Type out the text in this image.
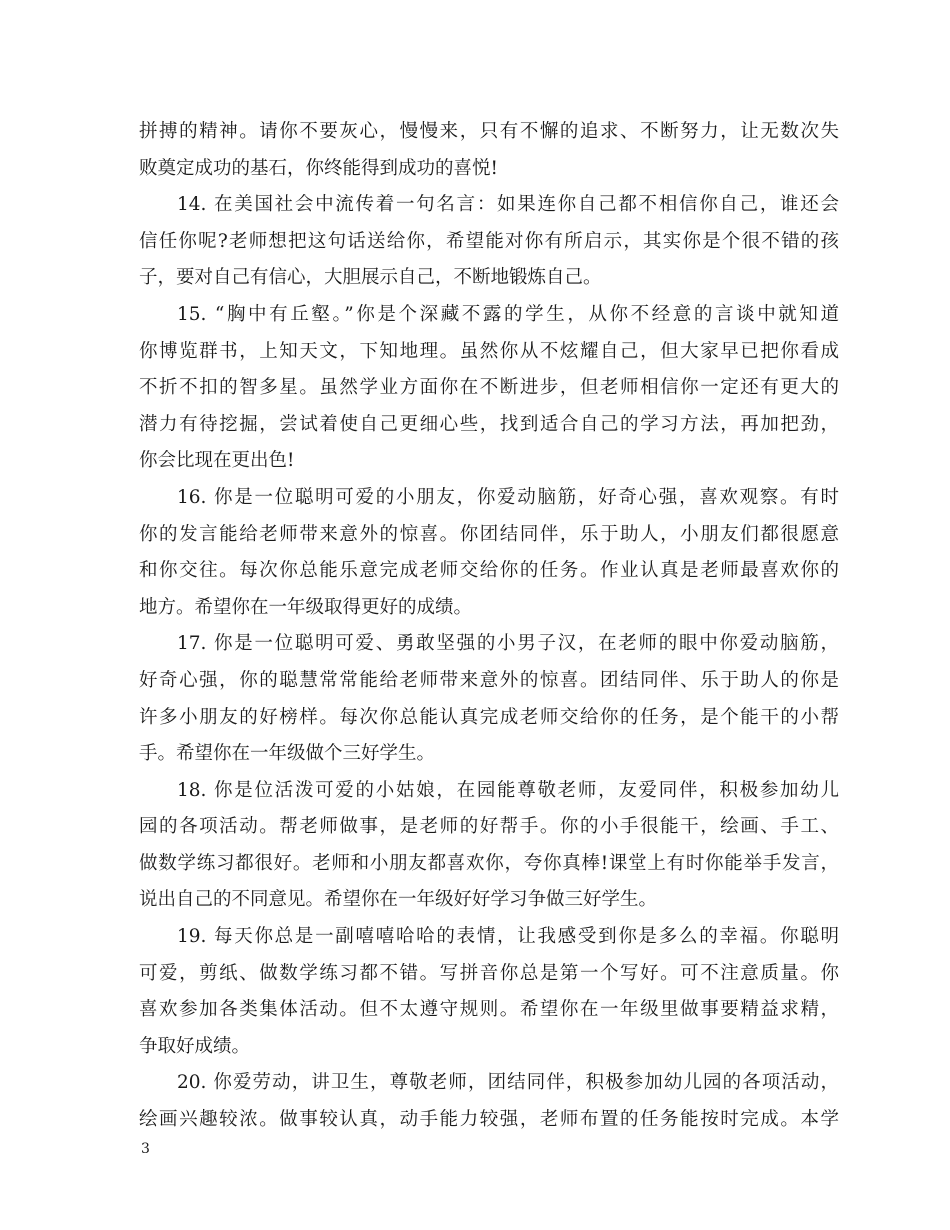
拼搏的精神。请你不要灰心，慢慢来，只有不懈的追求、不断努力，让无数次失
败奠定成功的基石，你终能得到成功的喜悦!
14. 在美国社会中流传着一句名言：如果连你自己都不相信你自己，谁还会
信任你呢?老师想把这句话送给你，希望能对你有所启示，其实你是个很不错的孩
子，要对自己有信心，大胆展示自己，不断地锻炼自己。
15. “胸中有丘壑。”你是个深藏不露的学生，从你不经意的言谈中就知道
你博览群书，上知天文，下知地理。虽然你从不炫耀自己，但大家早已把你看成
不折不扣的智多星。虽然学业方面你在不断进步，但老师相信你一定还有更大的
潜力有待挖掘，尝试着使自己更细心些，找到适合自己的学习方法，再加把劲，
你会比现在更出色!
16. 你是一位聪明可爱的小朋友，你爱动脑筋，好奇心强，喜欢观察。有时
你的发言能给老师带来意外的惊喜。你团结同伴，乐于助人，小朋友们都很愿意
和你交往。每次你总能乐意完成老师交给你的任务。作业认真是老师最喜欢你的
地方。希望你在一年级取得更好的成绩。
17. 你是一位聪明可爱、勇敢坚强的小男子汉，在老师的眼中你爱动脑筋，
好奇心强，你的聪慧常常能给老师带来意外的惊喜。团结同伴、乐于助人的你是
许多小朋友的好榜样。每次你总能认真完成老师交给你的任务，是个能干的小帮
手。希望你在一年级做个三好学生。
18. 你是位活泼可爱的小姑娘，在园能尊敬老师，友爱同伴，积极参加幼儿
园的各项活动。帮老师做事，是老师的好帮手。你的小手很能干，绘画、手工、
做数学练习都很好。老师和小朋友都喜欢你，夸你真棒!课堂上有时你能举手发言，
说出自己的不同意见。希望你在一年级好好学习争做三好学生。
19. 每天你总是一副嘻嘻哈哈的表情，让我感受到你是多么的幸福。你聪明
可爱，剪纸、做数学练习都不错。写拼音你总是第一个写好。可不注意质量。你
喜欢参加各类集体活动。但不太遵守规则。希望你在一年级里做事要精益求精，
争取好成绩。
20. 你爱劳动，讲卫生，尊敬老师，团结同伴，积极参加幼儿园的各项活动，
绘画兴趣较浓。做事较认真，动手能力较强，老师布置的任务能按时完成。本学
3
